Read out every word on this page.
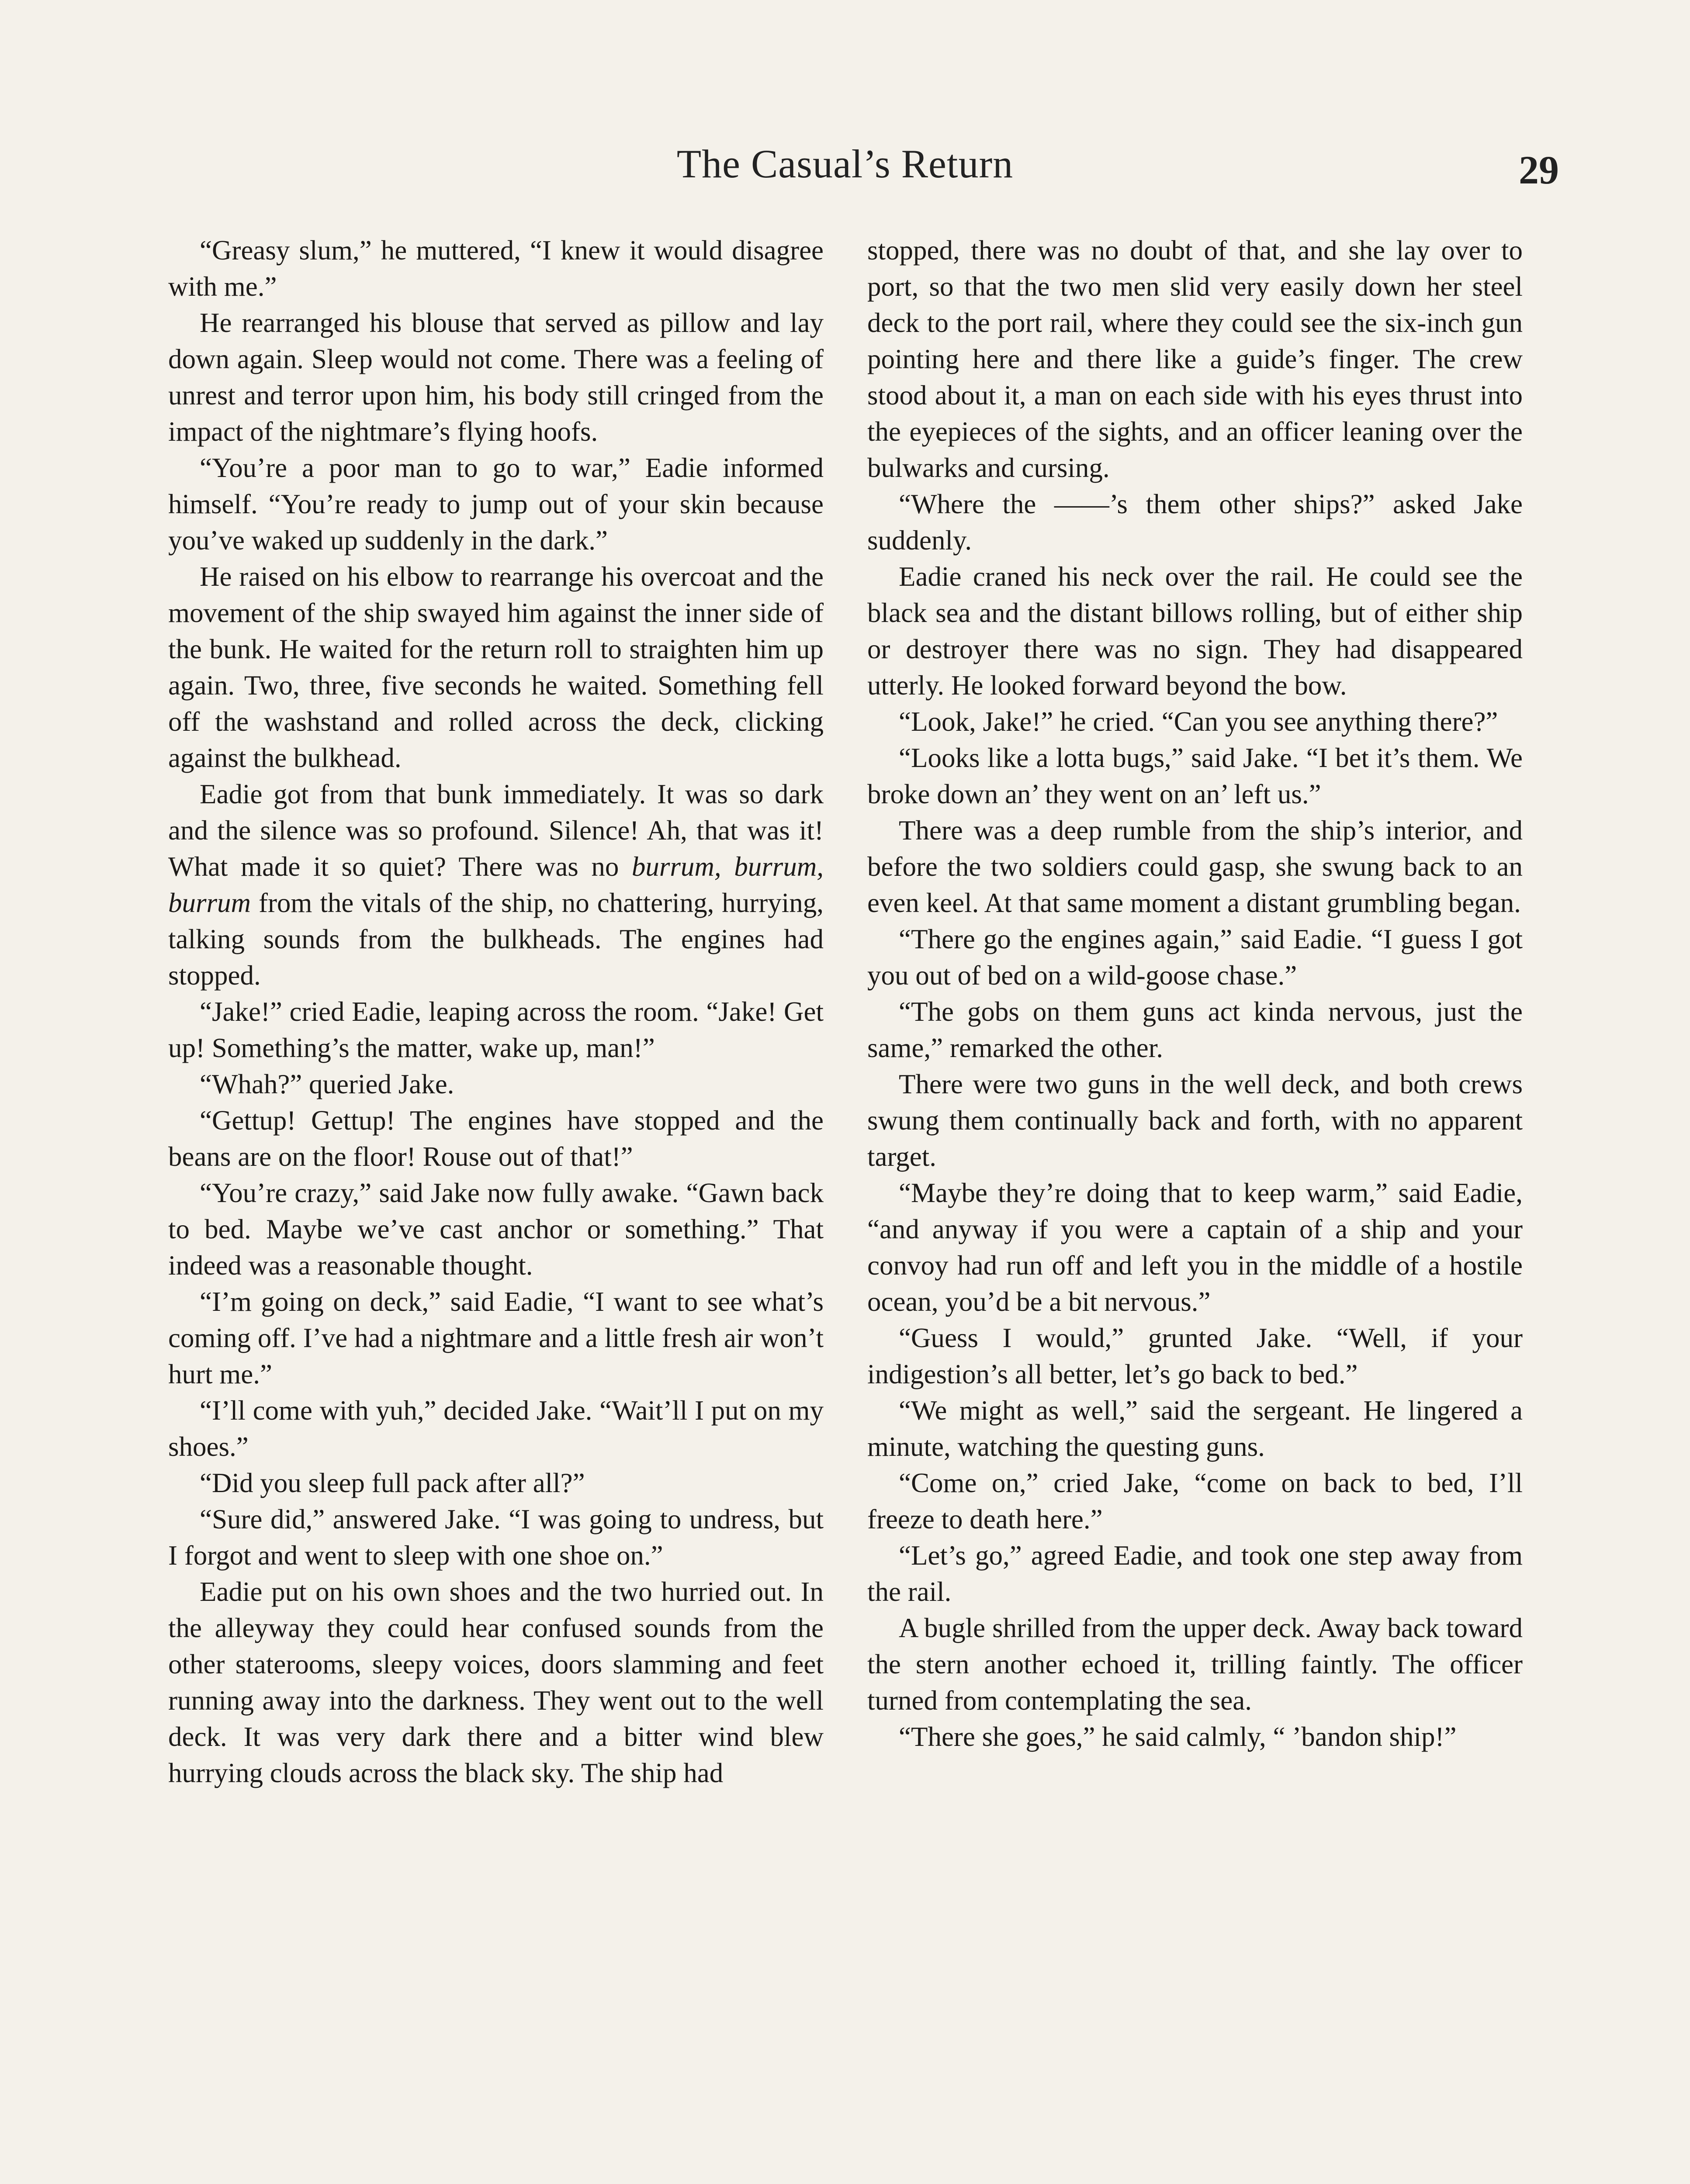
The Casual’s Return	29

“Greasy slum,” he muttered, “I knew it would disagree with me.”

He rearranged his blouse that served as pillow and lay down again. Sleep would not come. There was a feeling of unrest and terror upon him, his body still cringed from the impact of the nightmare’s flying hoofs.

“You’re a poor man to go to war,” Eadie informed himself. “You’re ready to jump out of your skin because you’ve waked up suddenly in the dark.”

He raised on his elbow to rearrange his overcoat and the movement of the ship swayed him against the inner side of the bunk. He waited for the return roll to straighten him up again. Two, three, five seconds he waited. Something fell off the washstand and rolled across the deck, clicking against the bulkhead.

Eadie got from that bunk immediately. It was so dark and the silence was so profound. Silence! Ah, that was it! What made it so quiet? There was no burrum, burrum, burrum from the vitals of the ship, no chattering, hurrying, talking sounds from the bulkheads. The engines had stopped.

“Jake!” cried Eadie, leaping across the room. “Jake! Get up! Something’s the matter, wake up, man!”

“Whah?” queried Jake.

“Gettup! Gettup! The engines have stopped and the beans are on the floor! Rouse out of that!”

“You’re crazy,” said Jake now fully awake. “Gawn back to bed. Maybe we’ve cast anchor or something.” That indeed was a reasonable thought.

“I’m going on deck,” said Eadie, “I want to see what’s coming off. I’ve had a nightmare and a little fresh air won’t hurt me.”

“I’ll come with yuh,” decided Jake. “Wait’ll I put on my shoes.”

“Did you sleep full pack after all?”

“Sure did,” answered Jake. “I was going to undress, but I forgot and went to sleep with one shoe on.”

Eadie put on his own shoes and the two hurried out. In the alleyway they could hear confused sounds from the other staterooms, sleepy voices, doors slamming and feet running away into the darkness. They went out to the well deck. It was very dark there and a bitter wind blew hurrying clouds across the black sky. The ship had

stopped, there was no doubt of that, and she lay over to port, so that the two men slid very easily down her steel deck to the port rail, where they could see the six-inch gun pointing here and there like a guide’s finger. The crew stood about it, a man on each side with his eyes thrust into the eyepieces of the sights, and an officer leaning over the bulwarks and cursing.

“Where the ——’s them other ships?” asked Jake suddenly.

Eadie craned his neck over the rail. He could see the black sea and the distant billows rolling, but of either ship or destroyer there was no sign. They had disappeared utterly. He looked forward beyond the bow.

“Look, Jake!” he cried. “Can you see anything there?”

“Looks like a lotta bugs,” said Jake. “I bet it’s them. We broke down an’ they went on an’ left us.”

There was a deep rumble from the ship’s interior, and before the two soldiers could gasp, she swung back to an even keel. At that same moment a distant grumbling began.

“There go the engines again,” said Eadie. “I guess I got you out of bed on a wild-goose chase.”

“The gobs on them guns act kinda nervous, just the same,” remarked the other.

There were two guns in the well deck, and both crews swung them continually back and forth, with no apparent target.

“Maybe they’re doing that to keep warm,” said Eadie, “and anyway if you were a captain of a ship and your convoy had run off and left you in the middle of a hostile ocean, you’d be a bit nervous.”

“Guess I would,” grunted Jake. “Well, if your indigestion’s all better, let’s go back to bed.”

“We might as well,” said the sergeant. He lingered a minute, watching the questing guns.

“Come on,” cried Jake, “come on back to bed, I’ll freeze to death here.”

“Let’s go,” agreed Eadie, and took one step away from the rail.

A bugle shrilled from the upper deck. Away back toward the stern another echoed it, trilling faintly. The officer turned from contemplating the sea.

“There she goes,” he said calmly, “ ’bandon ship!”
